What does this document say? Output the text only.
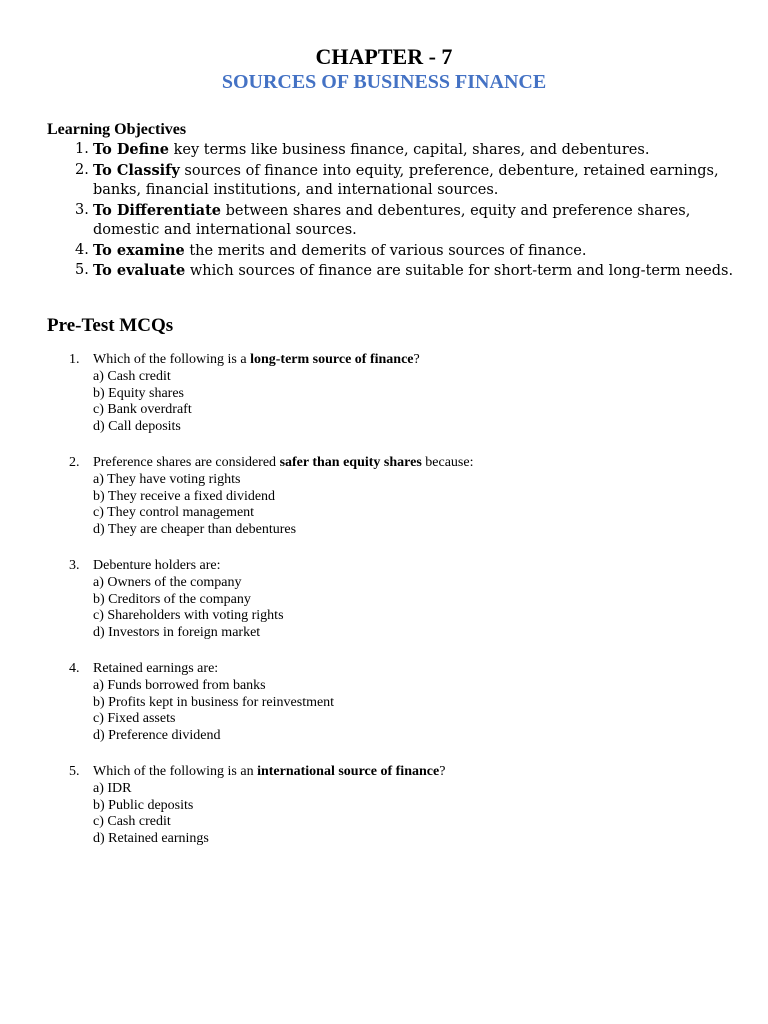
CHAPTER - 7
SOURCES OF BUSINESS FINANCE
Learning Objectives
1. To Define key terms like business finance, capital, shares, and debentures.
2. To Classify sources of finance into equity, preference, debenture, retained earnings, banks, financial institutions, and international sources.
3. To Differentiate between shares and debentures, equity and preference shares, domestic and international sources.
4. To examine the merits and demerits of various sources of finance.
5. To evaluate which sources of finance are suitable for short-term and long-term needs.
Pre-Test MCQs
1. Which of the following is a long-term source of finance?
a) Cash credit
b) Equity shares
c) Bank overdraft
d) Call deposits
2. Preference shares are considered safer than equity shares because:
a) They have voting rights
b) They receive a fixed dividend
c) They control management
d) They are cheaper than debentures
3. Debenture holders are:
a) Owners of the company
b) Creditors of the company
c) Shareholders with voting rights
d) Investors in foreign market
4. Retained earnings are:
a) Funds borrowed from banks
b) Profits kept in business for reinvestment
c) Fixed assets
d) Preference dividend
5. Which of the following is an international source of finance?
a) IDR
b) Public deposits
c) Cash credit
d) Retained earnings
